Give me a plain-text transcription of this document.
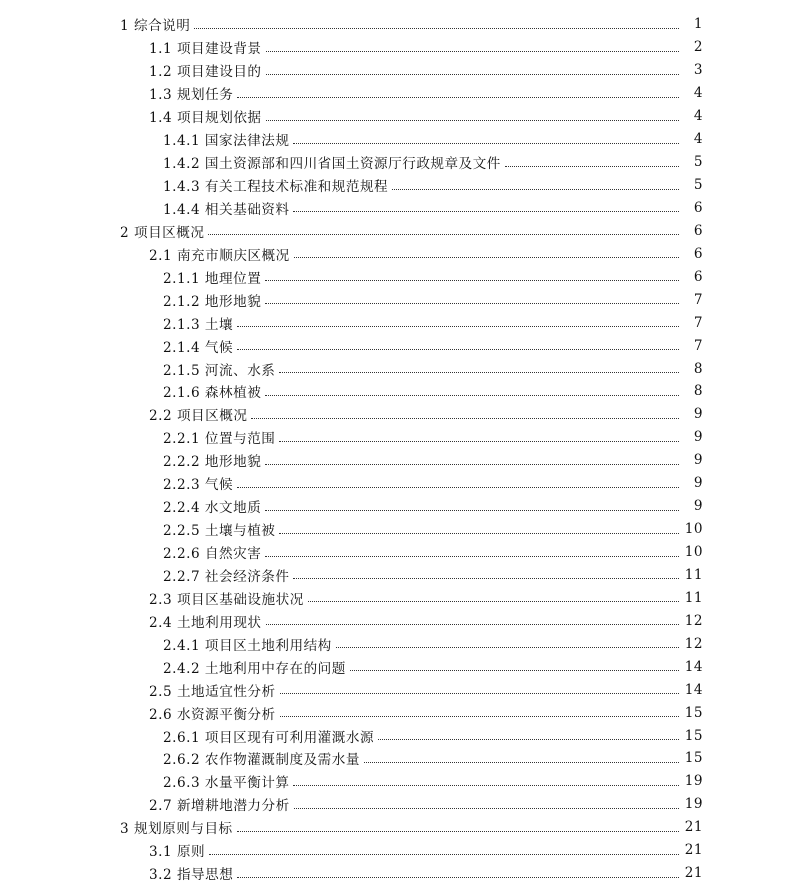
1 综合说明	1
1.1 项目建设背景	2
1.2 项目建设目的	3
1.3 规划任务	4
1.4 项目规划依据	4
1.4.1 国家法律法规	4
1.4.2 国土资源部和四川省国土资源厅行政规章及文件	5
1.4.3 有关工程技术标准和规范规程	5
1.4.4 相关基础资料	6
2 项目区概况	6
2.1 南充市顺庆区概况	6
2.1.1 地理位置	6
2.1.2 地形地貌	7
2.1.3 土壤	7
2.1.4 气候	7
2.1.5 河流、水系	8
2.1.6 森林植被	8
2.2 项目区概况	9
2.2.1 位置与范围	9
2.2.2 地形地貌	9
2.2.3 气候	9
2.2.4 水文地质	9
2.2.5 土壤与植被	10
2.2.6 自然灾害	10
2.2.7 社会经济条件	11
2.3 项目区基础设施状况	11
2.4 土地利用现状	12
2.4.1 项目区土地利用结构	12
2.4.2 土地利用中存在的问题	14
2.5 土地适宜性分析	14
2.6 水资源平衡分析	15
2.6.1 项目区现有可利用灌溉水源	15
2.6.2 农作物灌溉制度及需水量	15
2.6.3 水量平衡计算	19
2.7 新增耕地潜力分析	19
3 规划原则与目标	21
3.1 原则	21
3.2 指导思想	21
